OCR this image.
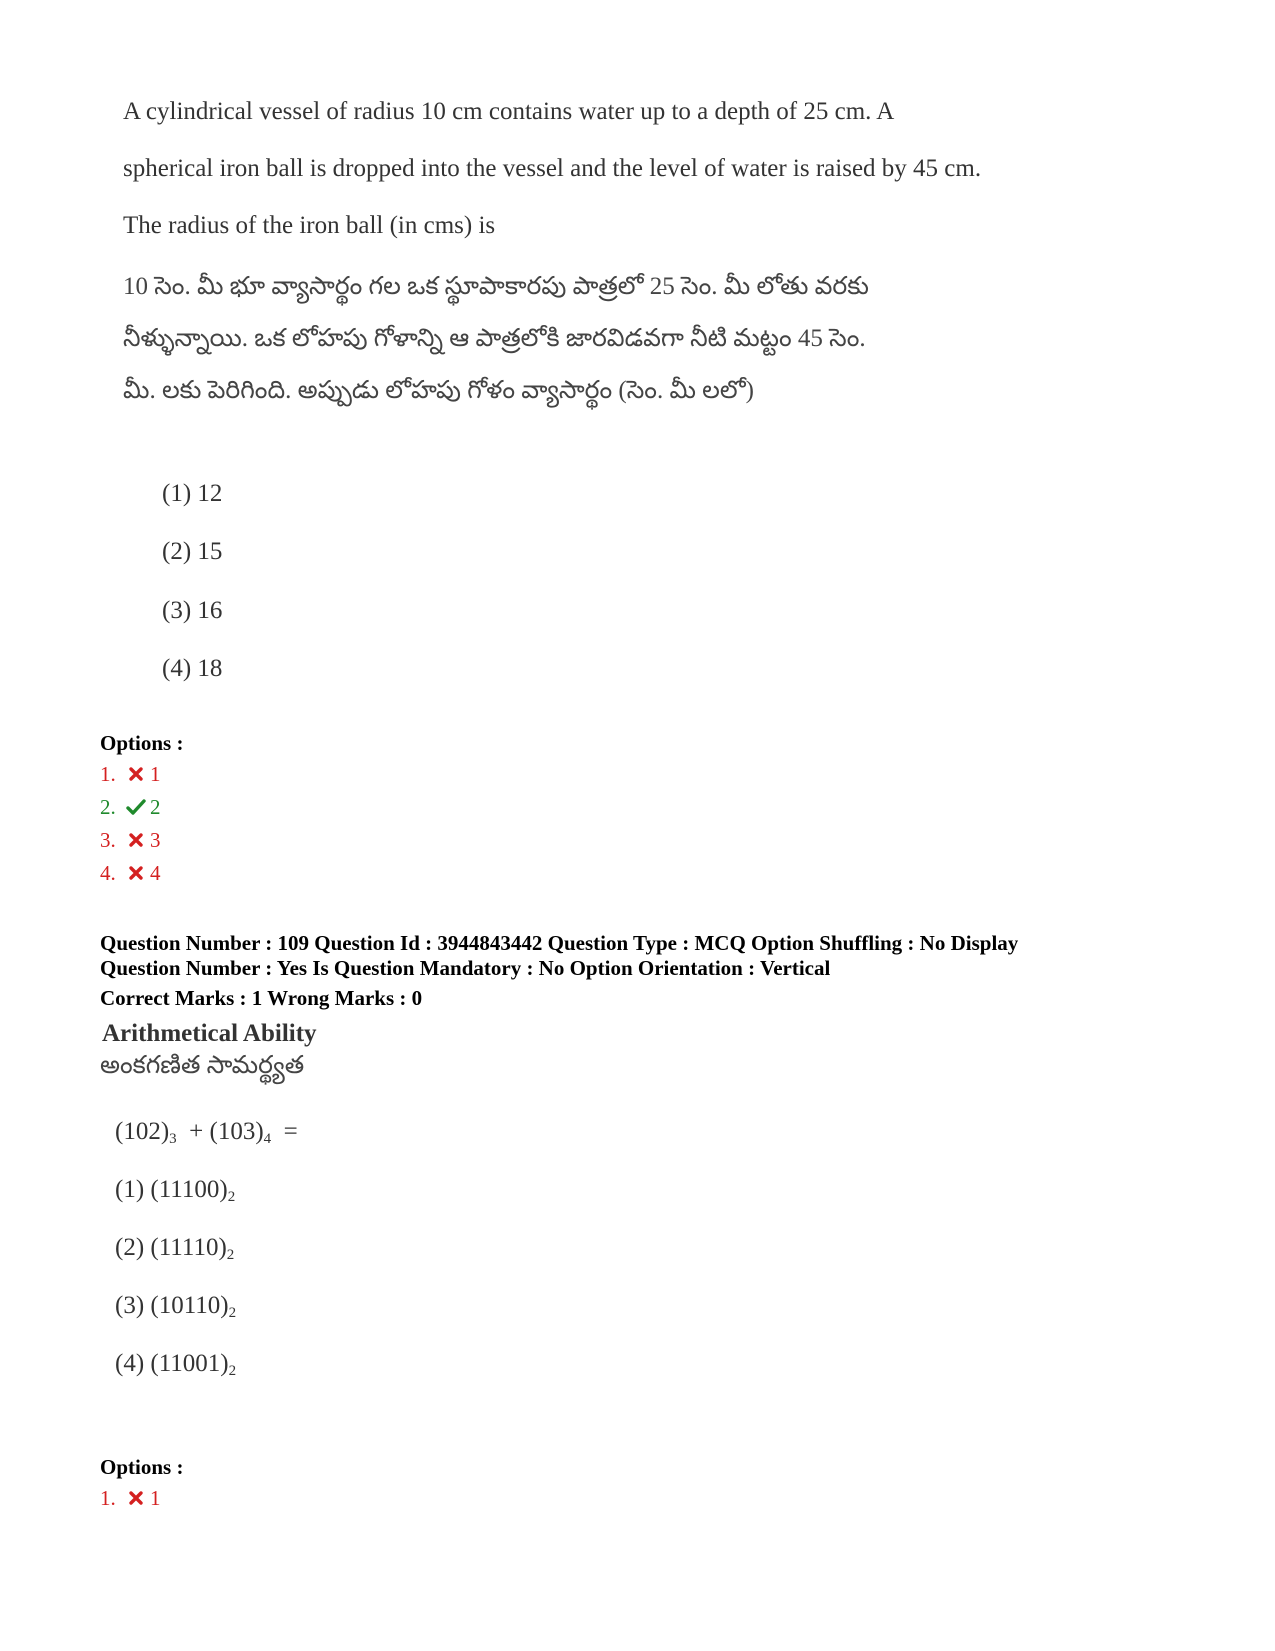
A cylindrical vessel of radius 10 cm contains water up to a depth of 25 cm. A
spherical iron ball is dropped into the vessel and the level of water is raised by 45 cm.
The radius of the iron ball (in cms) is
10 సెం. మీ భూ వ్యాసార్థం గల ఒక స్థూపాకారపు పాత్రలో 25 సెం. మీ లోతు వరకు
నీళ్ళున్నాయి. ఒక లోహపు గోళాన్ని ఆ పాత్రలోకి జారవిడవగా నీటి మట్టం 45 సెం.
మీ. లకు పెరిగింది. అప్పుడు లోహపు గోళం వ్యాసార్థం (సెం. మీ లలో)
(1) 12
(2) 15
(3) 16
(4) 18
Options :
1. 1
2. 2
3. 3
4. 4
Question Number : 109 Question Id : 3944843442 Question Type : MCQ Option Shuffling : No Display
Question Number : Yes Is Question Mandatory : No Option Orientation : Vertical
Correct Marks : 1 Wrong Marks : 0
Arithmetical Ability
అంకగణిత సామర్థ్యత
$(102)_3 + (103)_4$  =
(1) $(11100)_2$
(2) $(11110)_2$
(3) $(10110)_2$
(4) $(11001)_2$
Options :
1. 1
